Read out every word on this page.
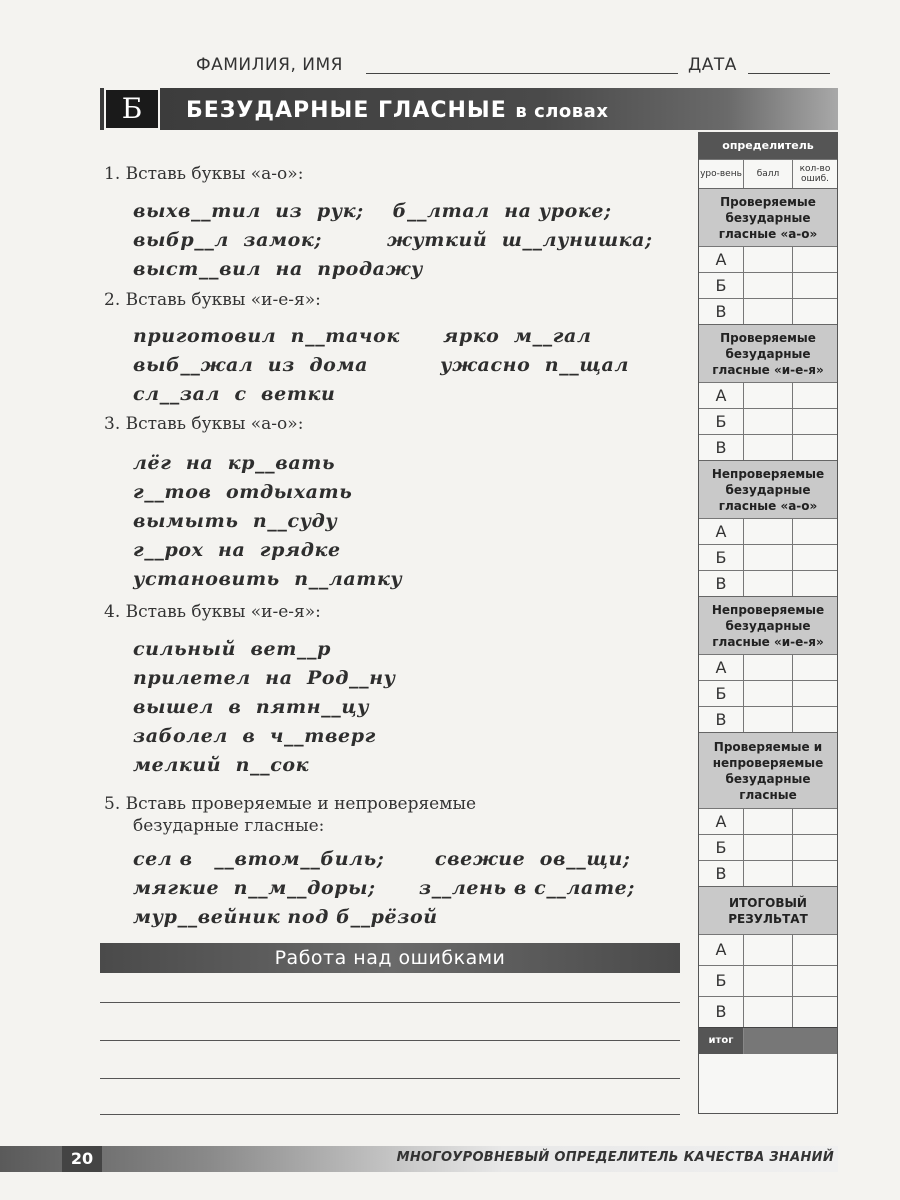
ФАМИЛИЯ, ИМЯ	ДАТА
Б	БЕЗУДАРНЫЕ ГЛАСНЫЕ в словах
1. Вставь буквы «а-о»:
выхв__тил  из  рук;    б__лтал  на уроке;
выбр__л  замок;         жуткий  ш__лунишка;
выст__вил  на  продажу
2. Вставь буквы «и-е-я»:
приготовил  п__тачок      ярко  м__гал
выб__жал  из  дома          ужасно  п__щал
сл__зал  с  ветки
3. Вставь буквы «а-о»:
лёг  на  кр__вать
г__тов  отдыхать
вымыть  п__суду
г__рох  на  грядке
установить  п__латку
4. Вставь буквы «и-е-я»:
сильный  вет__р
прилетел  на  Род__ну
вышел  в  пятн__цу
заболел  в  ч__тверг
мелкий  п__сок
5. Вставь проверяемые и непроверяемые
безударные гласные:
сел в   __втом__биль;       свежие  ов__щи;
мягкие  п__м__доры;      з__лень в с__лате;
мур__вейник под б__рёзой
Работа над ошибками
определитель
уро-вень	балл	кол-во ошиб.
Проверяемые безударные гласные «а-о»
А
Б
В
Проверяемые безударные гласные «и-е-я»
А
Б
В
Непроверяемые безударные гласные «а-о»
А
Б
В
Непроверяемые безударные гласные «и-е-я»
А
Б
В
Проверяемые и непроверяемые безударные гласные
А
Б
В
ИТОГОВЫЙ РЕЗУЛЬТАТ
А
Б
В
итог
20	МНОГОУРОВНЕВЫЙ ОПРЕДЕЛИТЕЛЬ КАЧЕСТВА ЗНАНИЙ
